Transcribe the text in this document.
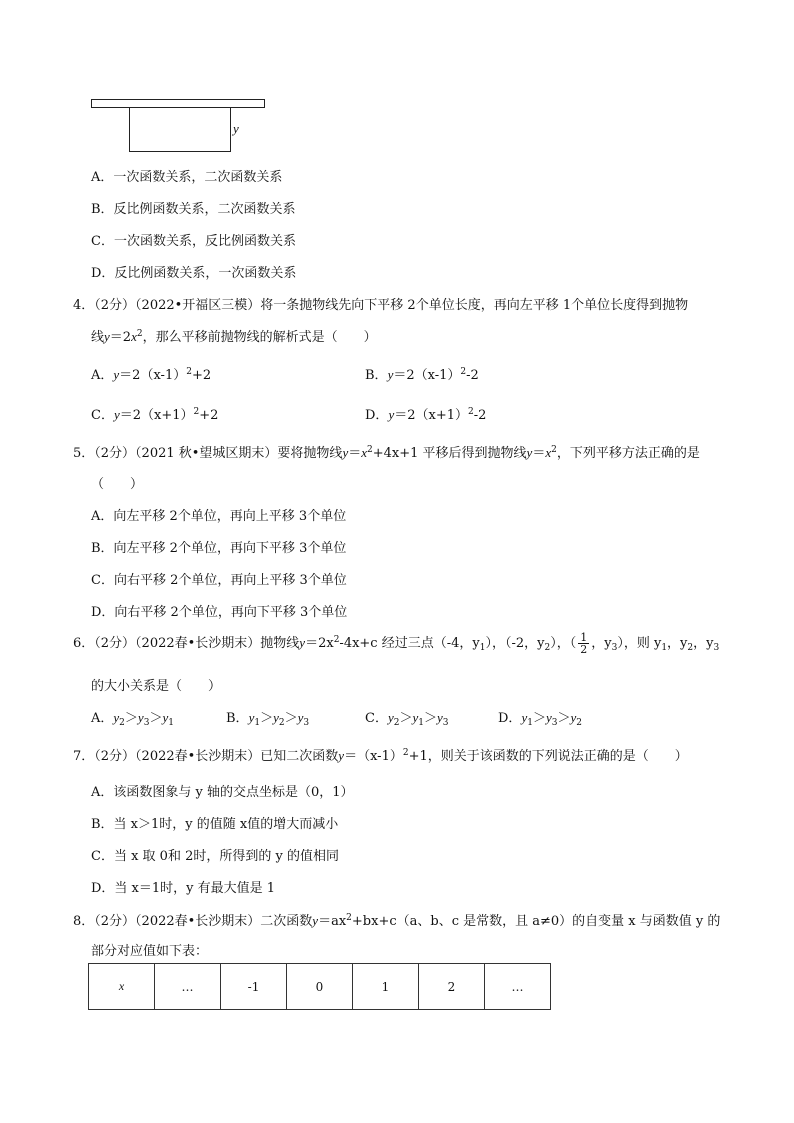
y
A．一次函数关系，二次函数关系
B．反比例函数关系，二次函数关系
C．一次函数关系，反比例函数关系
D．反比例函数关系，一次函数关系
4．（2分）（2022•开福区三模）将一条抛物线先向下平移 2个单位长度，再向左平移 1个单位长度得到抛物
线$y=2x^2$，那么平移前抛物线的解析式是（　　）
A．$y=2(x-1)^2+2$	B．$y=2(x-1)^2-2$
C．$y=2(x+1)^2+2$	D．$y=2(x+1)^2-2$
5．（2分）（2021 秋•望城区期末）要将抛物线$y=x^2+4x+1$ 平移后得到抛物线$y=x^2$，下列平移方法正确的是
（　　）
A．向左平移 2个单位，再向上平移 3个单位
B．向左平移 2个单位，再向下平移 3个单位
C．向右平移 2个单位，再向上平移 3个单位
D．向右平移 2个单位，再向下平移 3个单位
6．（2分）（2022春•长沙期末）抛物线$y=2x^2-4x+c$ 经过三点（-4，$y_1$），（-2，$y_2$），（ $\frac{1}{2}$ ，$y_3$），则 $y_1$，$y_2$，$y_3$
的大小关系是（　　）
A．$y_2>y_3>y_1$	B．$y_1>y_2>y_3$	C．$y_2>y_1>y_3$	D．$y_1>y_3>y_2$
7．（2分）（2022春•长沙期末）已知二次函数$y=(x-1)^2+1$，则关于该函数的下列说法正确的是（　　）
A．该函数图象与 y 轴的交点坐标是（0，1）
B．当 x＞1时，y 的值随 x值的增大而减小
C．当 x 取 0和 2时，所得到的 y 的值相同
D．当 x＝1时，y 有最大值是 1
8．（2分）（2022春•长沙期末）二次函数$y=ax^2+bx+c(a$、b、c 是常数，且 a≠0）的自变量 x 与函数值 y 的
部分对应值如下表：
x	…	-1	0	1	2	…
